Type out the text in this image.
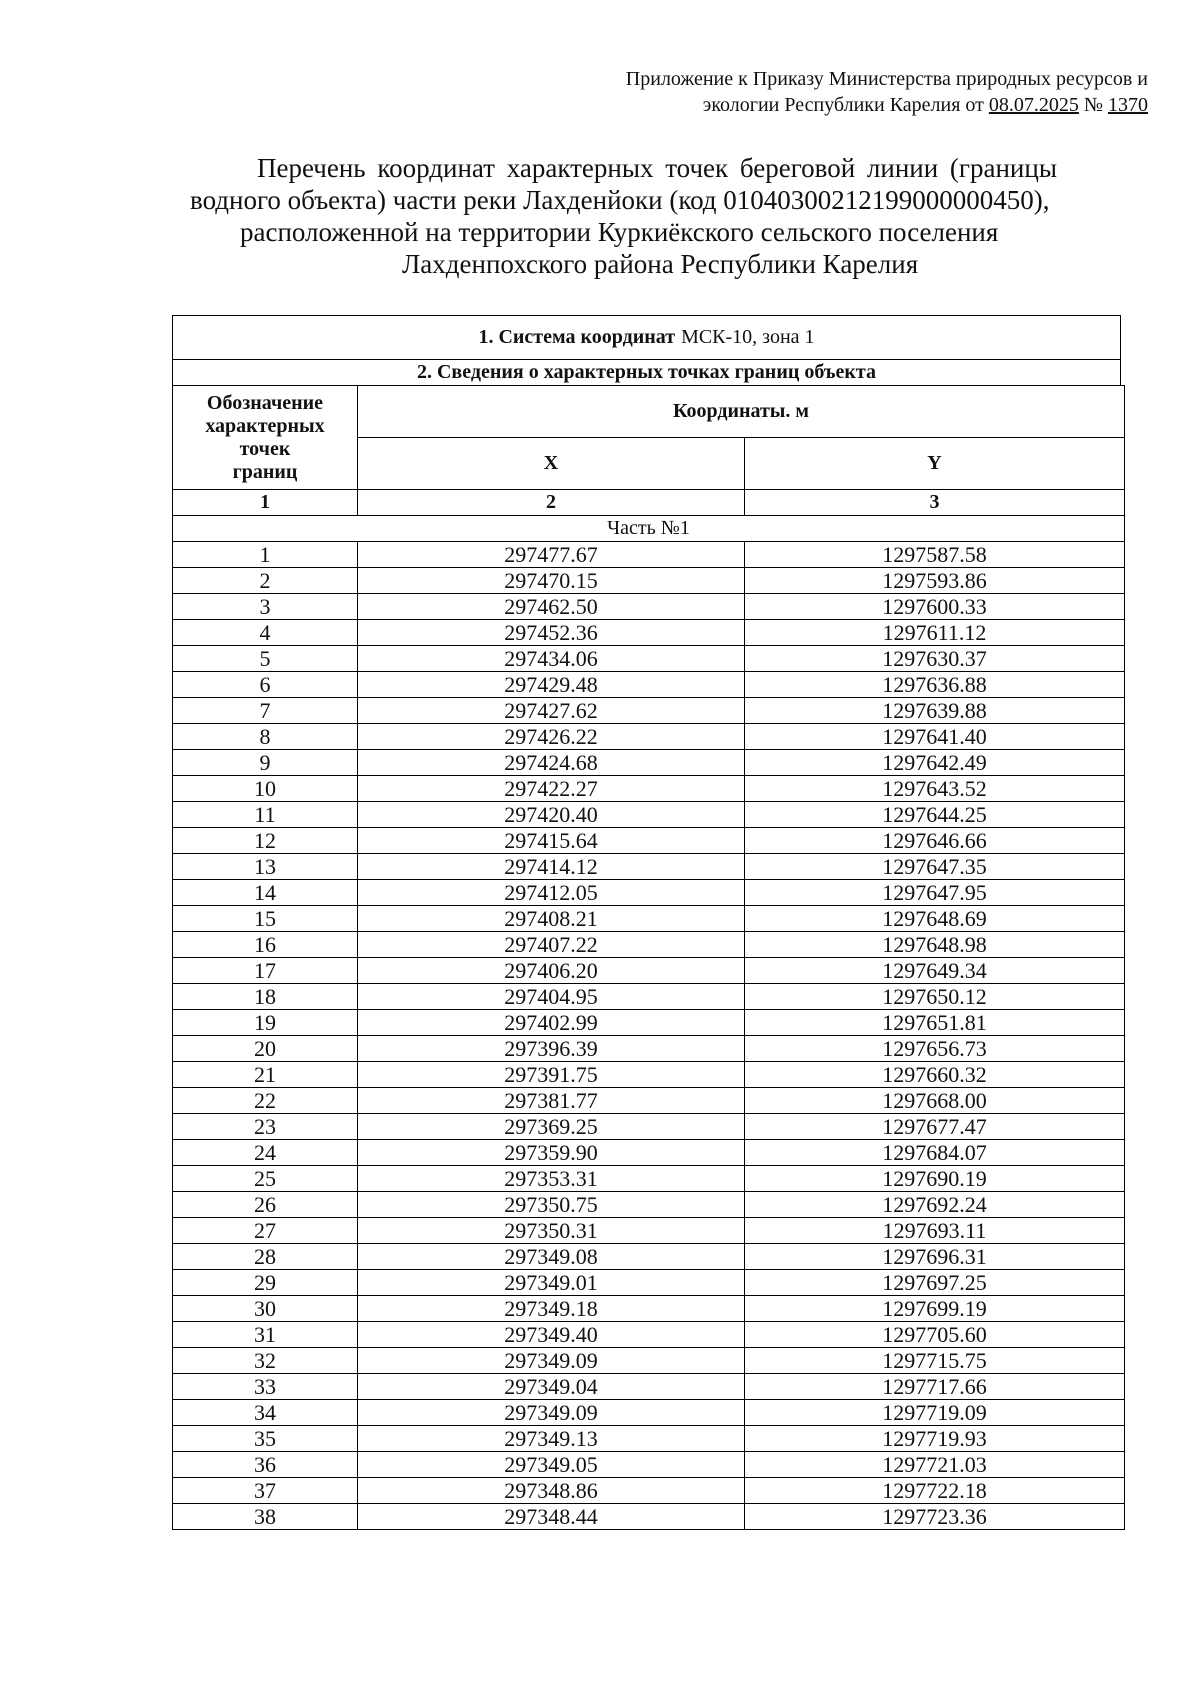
Приложение к Приказу Министерства природных ресурсов и
экологии Республики Карелия от 08.07.2025 № 1370
Перечень координат характерных точек береговой линии (границы
водного объекта) части реки Лахденйоки (код 01040300212199000000450),
расположенной на территории Куркиёкского сельского поселения
Лахденпохского района Республики Карелия
1. Система координат МСК-10, зона 1
2. Сведения о характерных точках границ объекта
Обозначение
характерных
точек
границ	Координаты. м	
	X	Y
1	2	3
Часть №1		
1	297477.67	1297587.58
2	297470.15	1297593.86
3	297462.50	1297600.33
4	297452.36	1297611.12
5	297434.06	1297630.37
6	297429.48	1297636.88
7	297427.62	1297639.88
8	297426.22	1297641.40
9	297424.68	1297642.49
10	297422.27	1297643.52
11	297420.40	1297644.25
12	297415.64	1297646.66
13	297414.12	1297647.35
14	297412.05	1297647.95
15	297408.21	1297648.69
16	297407.22	1297648.98
17	297406.20	1297649.34
18	297404.95	1297650.12
19	297402.99	1297651.81
20	297396.39	1297656.73
21	297391.75	1297660.32
22	297381.77	1297668.00
23	297369.25	1297677.47
24	297359.90	1297684.07
25	297353.31	1297690.19
26	297350.75	1297692.24
27	297350.31	1297693.11
28	297349.08	1297696.31
29	297349.01	1297697.25
30	297349.18	1297699.19
31	297349.40	1297705.60
32	297349.09	1297715.75
33	297349.04	1297717.66
34	297349.09	1297719.09
35	297349.13	1297719.93
36	297349.05	1297721.03
37	297348.86	1297722.18
38	297348.44	1297723.36
